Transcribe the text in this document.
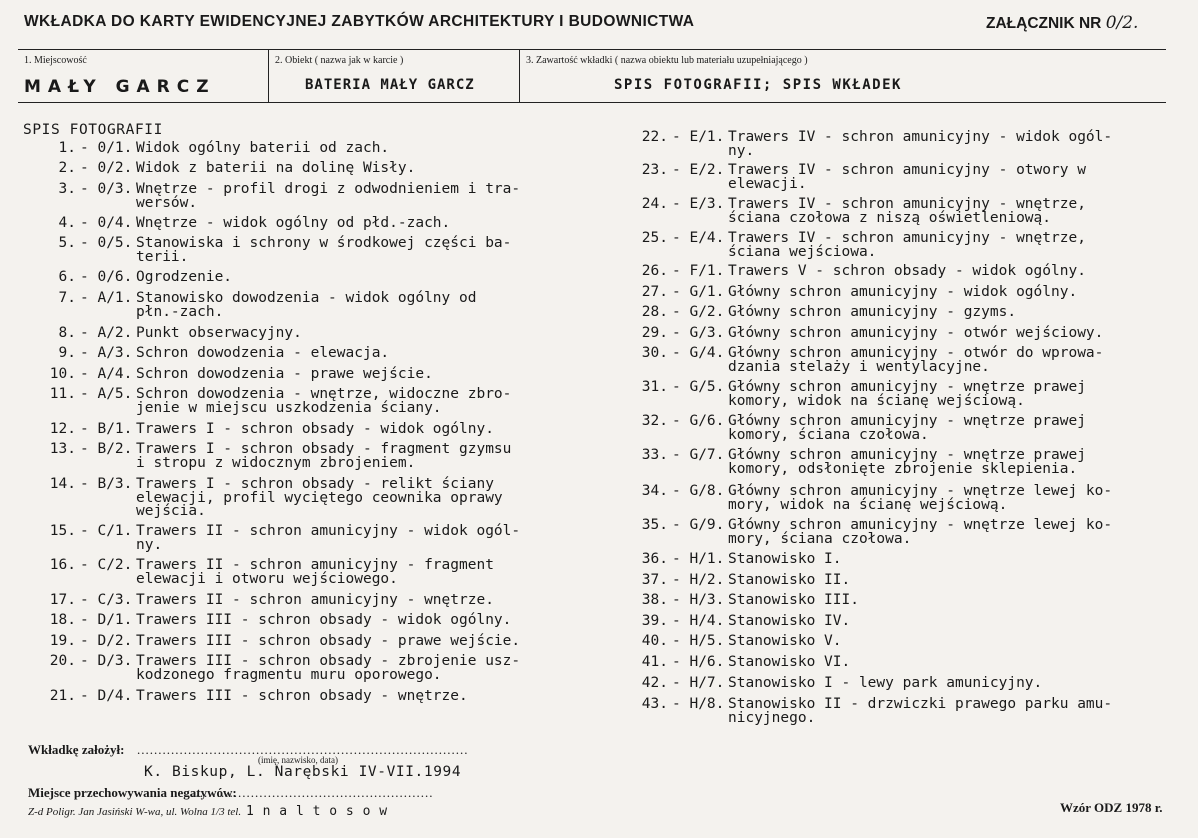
WKŁADKA DO KARTY EWIDENCYJNEJ ZABYTKÓW ARCHITEKTURY I BUDOWNICTWA	ZAŁĄCZNIK NR 0/2.
1. Miejscowość
MAŁY GARCZ
2. Obiekt ( nazwa jak w karcie )
BATERIA MAŁY GARCZ
3. Zawartość wkładki ( nazwa obiektu lub materiału uzupełniającego )
SPIS FOTOGRAFII; SPIS WKŁADEK
SPIS FOTOGRAFII
1. - 0/1. Widok ogólny baterii od zach.
2. - 0/2. Widok z baterii na dolinę Wisły.
3. - 0/3. Wnętrze - profil drogi z odwodnieniem i tra-
wersów.
4. - 0/4. Wnętrze - widok ogólny od płd.-zach.
5. - 0/5. Stanowiska i schrony w środkowej części ba-
terii.
6. - 0/6. Ogrodzenie.
7. - A/1. Stanowisko dowodzenia - widok ogólny od
płn.-zach.
8. - A/2. Punkt obserwacyjny.
9. - A/3. Schron dowodzenia - elewacja.
10. - A/4. Schron dowodzenia - prawe wejście.
11. - A/5. Schron dowodzenia - wnętrze, widoczne zbro-
jenie w miejscu uszkodzenia ściany.
12. - B/1. Trawers I - schron obsady - widok ogólny.
13. - B/2. Trawers I - schron obsady - fragment gzymsu
i stropu z widocznym zbrojeniem.
14. - B/3. Trawers I - schron obsady - relikt ściany
elewacji, profil wyciętego ceownika oprawy
wejścia.
15. - C/1. Trawers II - schron amunicyjny - widok ogól-
ny.
16. - C/2. Trawers II - schron amunicyjny - fragment
elewacji i otworu wejściowego.
17. - C/3. Trawers II - schron amunicyjny - wnętrze.
18. - D/1. Trawers III - schron obsady - widok ogólny.
19. - D/2. Trawers III - schron obsady - prawe wejście.
20. - D/3. Trawers III - schron obsady - zbrojenie usz-
kodzonego fragmentu muru oporowego.
21. - D/4. Trawers III - schron obsady - wnętrze.
22. - E/1. Trawers IV - schron amunicyjny - widok ogól-
ny.
23. - E/2. Trawers IV - schron amunicyjny - otwory w
elewacji.
24. - E/3. Trawers IV - schron amunicyjny - wnętrze,
ściana czołowa z niszą oświetleniową.
25. - E/4. Trawers IV - schron amunicyjny - wnętrze,
ściana wejściowa.
26. - F/1. Trawers V - schron obsady - widok ogólny.
27. - G/1. Główny schron amunicyjny - widok ogólny.
28. - G/2. Główny schron amunicyjny - gzyms.
29. - G/3. Główny schron amunicyjny - otwór wejściowy.
30. - G/4. Główny schron amunicyjny - otwór do wprowa-
dzania stelaży i wentylacyjne.
31. - G/5. Główny schron amunicyjny - wnętrze prawej
komory, widok na ścianę wejściową.
32. - G/6. Główny schron amunicyjny - wnętrze prawej
komory, ściana czołowa.
33. - G/7. Główny schron amunicyjny - wnętrze prawej
komory, odsłonięte zbrojenie sklepienia.
34. - G/8. Główny schron amunicyjny - wnętrze lewej ko-
mory, widok na ścianę wejściową.
35. - G/9. Główny schron amunicyjny - wnętrze lewej ko-
mory, ściana czołowa.
36. - H/1. Stanowisko I.
37. - H/2. Stanowisko II.
38. - H/3. Stanowisko III.
39. - H/4. Stanowisko IV.
40. - H/5. Stanowisko V.
41. - H/6. Stanowisko VI.
42. - H/7. Stanowisko I - lewy park amunicyjny.
43. - H/8. Stanowisko II - drzwiczki prawego parku amu-
nicyjnego.
Wkładkę założył: ..............................................................................
(imię, nazwisko, data)
K. Biskup, L. Narębski IV-VII.1994
Miejsce przechowywania negatywów:
..........................................................
Z-d Poligr. Jan Jasiński W-wa, ul. Wolna 1/3 tel. 1 n a l t o s o w	Wzór ODZ 1978 r.
